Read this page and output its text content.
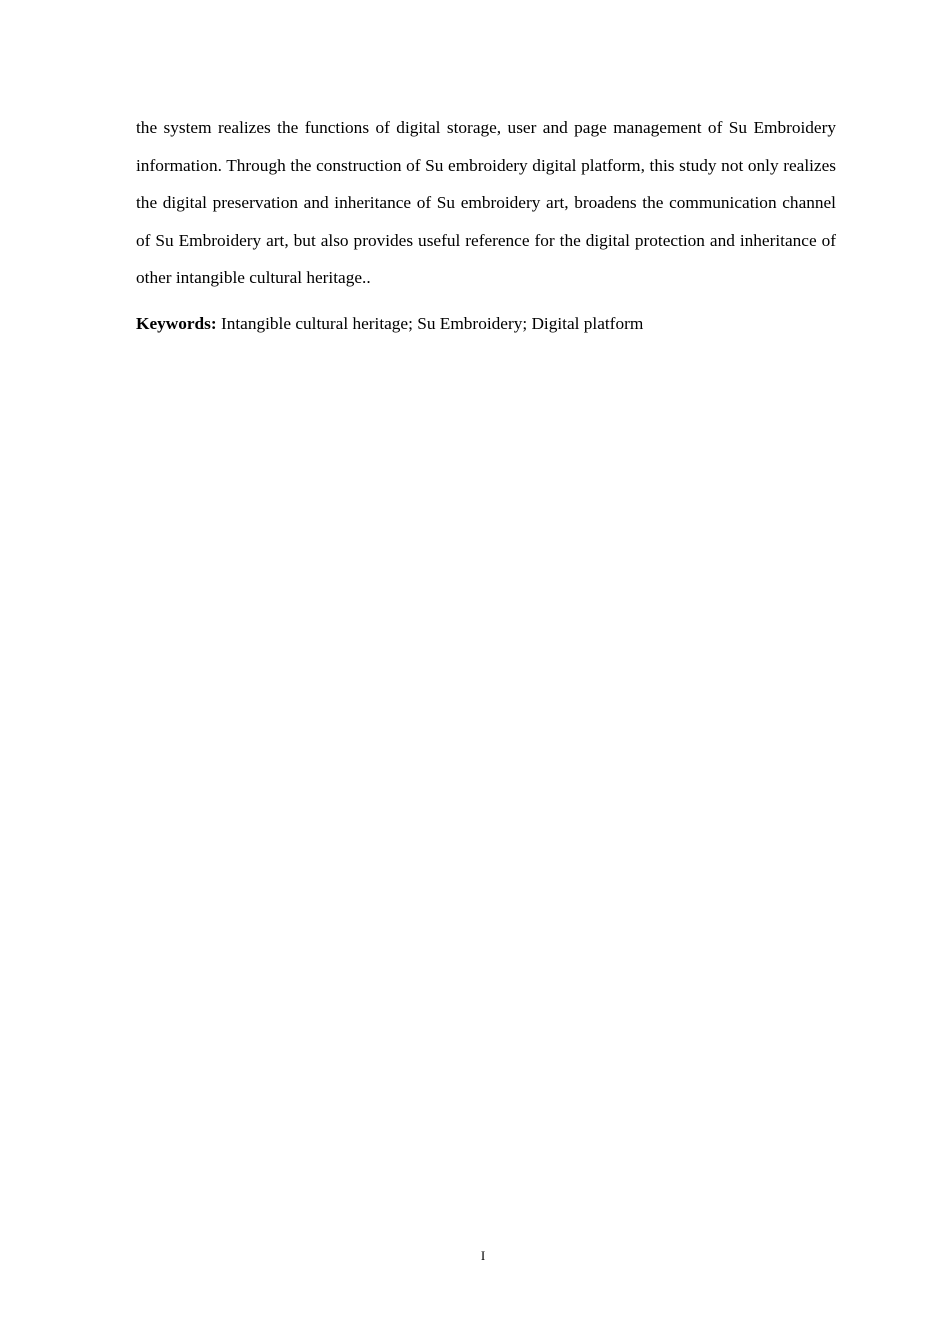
the system realizes the functions of digital storage, user and page management of Su Embroidery information. Through the construction of Su embroidery digital platform, this study not only realizes the digital preservation and inheritance of Su embroidery art, broadens the communication channel of Su Embroidery art, but also provides useful reference for the digital protection and inheritance of other intangible cultural heritage..

Keywords: Intangible cultural heritage; Su Embroidery; Digital platform

I
